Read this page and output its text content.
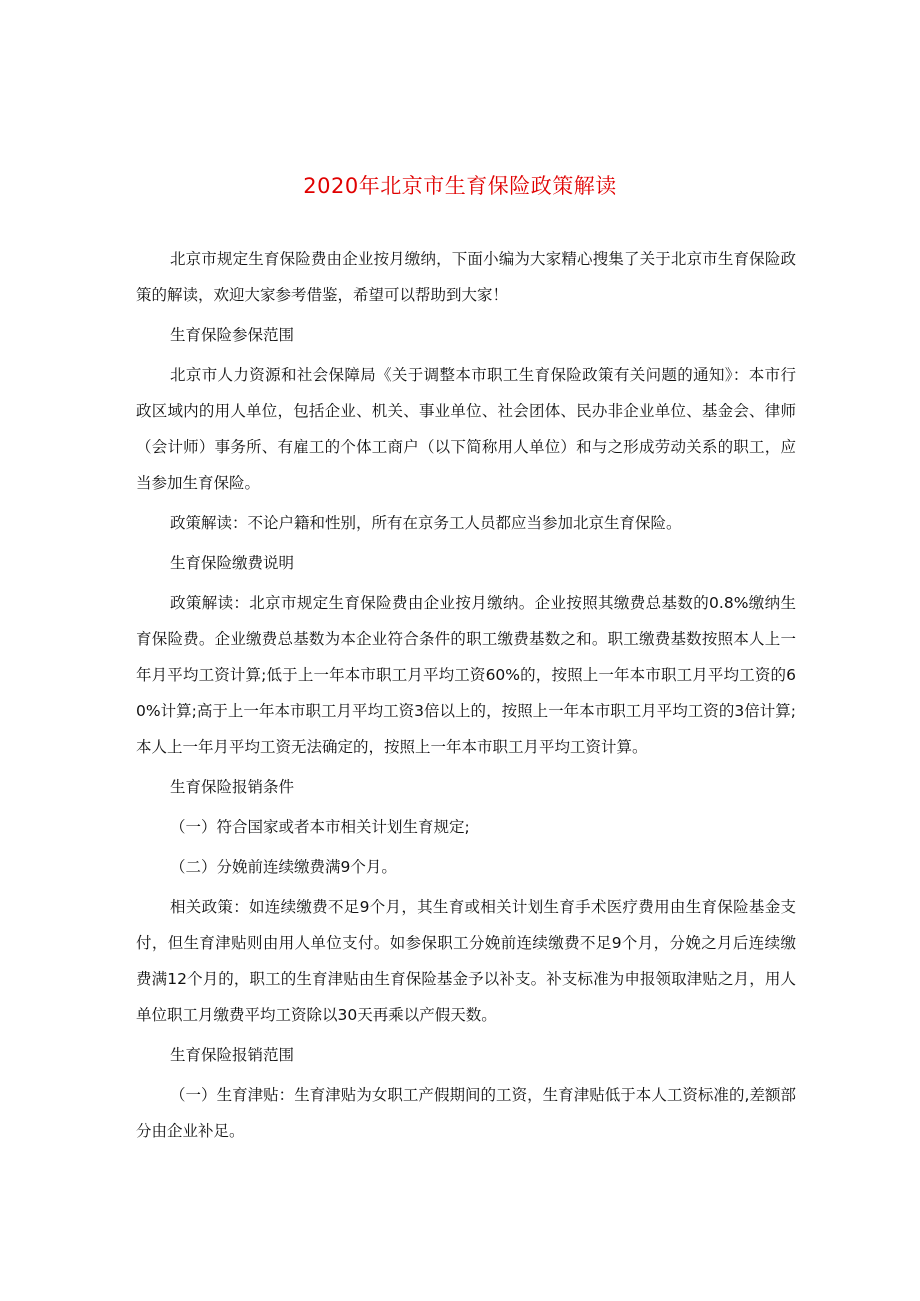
2020年北京市生育保险政策解读

北京市规定生育保险费由企业按月缴纳，下面小编为大家精心搜集了关于北京市生育保险政策的解读，欢迎大家参考借鉴，希望可以帮助到大家！

生育保险参保范围

北京市人力资源和社会保障局《关于调整本市职工生育保险政策有关问题的通知》：本市行政区域内的用人单位，包括企业、机关、事业单位、社会团体、民办非企业单位、基金会、律师（会计师）事务所、有雇工的个体工商户（以下简称用人单位）和与之形成劳动关系的职工，应当参加生育保险。

政策解读：不论户籍和性别，所有在京务工人员都应当参加北京生育保险。

生育保险缴费说明

政策解读：北京市规定生育保险费由企业按月缴纳。企业按照其缴费总基数的0.8%缴纳生育保险费。企业缴费总基数为本企业符合条件的职工缴费基数之和。职工缴费基数按照本人上一年月平均工资计算;低于上一年本市职工月平均工资60%的，按照上一年本市职工月平均工资的60%计算;高于上一年本市职工月平均工资3倍以上的，按照上一年本市职工月平均工资的3倍计算;本人上一年月平均工资无法确定的，按照上一年本市职工月平均工资计算。

生育保险报销条件

（一）符合国家或者本市相关计划生育规定;

（二）分娩前连续缴费满9个月。

相关政策：如连续缴费不足9个月，其生育或相关计划生育手术医疗费用由生育保险基金支付，但生育津贴则由用人单位支付。如参保职工分娩前连续缴费不足9个月，分娩之月后连续缴费满12个月的，职工的生育津贴由生育保险基金予以补支。补支标准为申报领取津贴之月，用人单位职工月缴费平均工资除以30天再乘以产假天数。

生育保险报销范围

（一）生育津贴：生育津贴为女职工产假期间的工资，生育津贴低于本人工资标准的,差额部分由企业补足。
